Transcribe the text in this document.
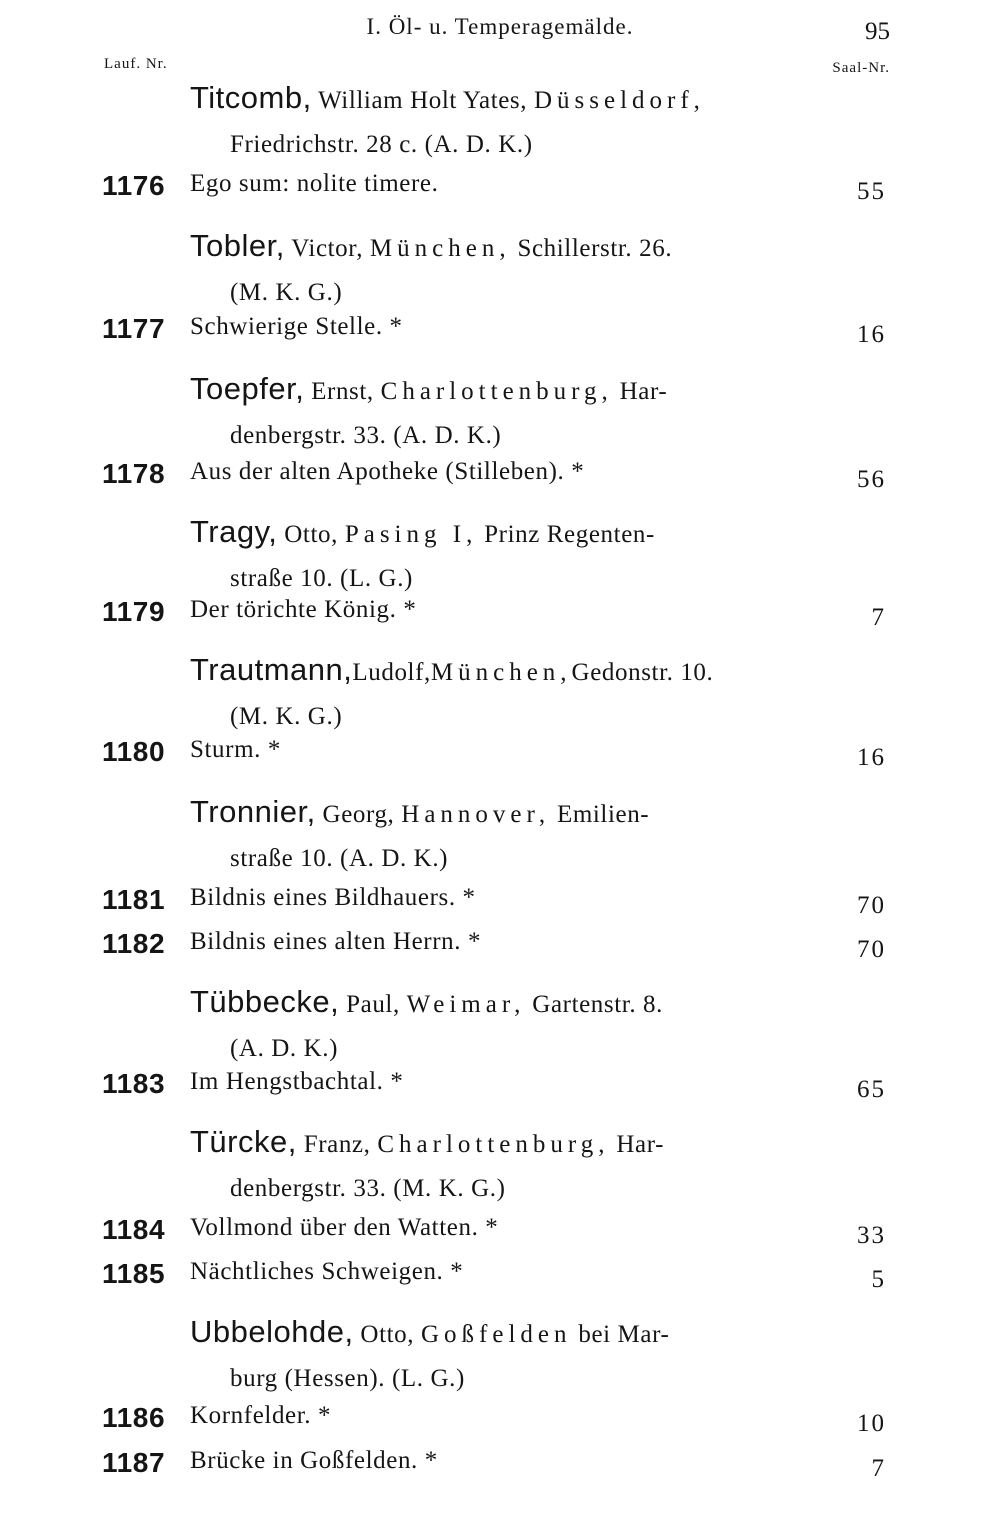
I. Öl- u. Temperagemälde.	95
Lauf. Nr.	Saal-Nr.
Titcomb, William Holt Yates, Düsseldorf,
Friedrichstr. 28 c. (A. D. K.)
1176 Ego sum: nolite timere.	55
Tobler, Victor, München, Schillerstr. 26.
(M. K. G.)
1177 Schwierige Stelle. *	16
Toepfer, Ernst, Charlottenburg, Har-
denbergstr. 33. (A. D. K.)
1178 Aus der alten Apotheke (Stilleben). *	56
Tragy, Otto, Pasing I, Prinz Regenten-
straße 10. (L. G.)
1179 Der törichte König. *	7
Trautmann,Ludolf,München,Gedonstr. 10.
(M. K. G.)
1180 Sturm. *	16
Tronnier, Georg, Hannover, Emilien-
straße 10. (A. D. K.)
1181 Bildnis eines Bildhauers. *	70
1182 Bildnis eines alten Herrn. *	70
Tübbecke, Paul, Weimar, Gartenstr. 8.
(A. D. K.)
1183 Im Hengstbachtal. *	65
Türcke, Franz, Charlottenburg, Har-
denbergstr. 33. (M. K. G.)
1184 Vollmond über den Watten. *	33
1185 Nächtliches Schweigen. *	5
Ubbelohde, Otto, Goßfelden bei Mar-
burg (Hessen). (L. G.)
1186 Kornfelder. *	10
1187 Brücke in Goßfelden. *	7
